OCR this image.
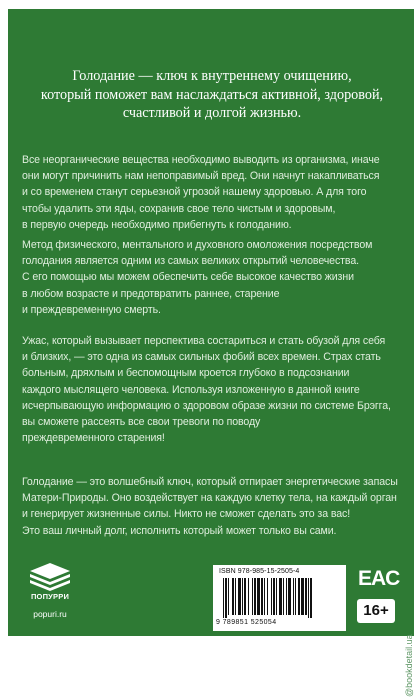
Голодание — ключ к внутреннему очищению,
который поможет вам наслаждаться активной, здоровой,
счастливой и долгой жизнью.

Все неорганические вещества необходимо выводить из организма, иначе
они могут причинить нам непоправимый вред. Они начнут накапливаться
и со временем станут серьезной угрозой нашему здоровью. А для того
чтобы удалить эти яды, сохранив свое тело чистым и здоровым,
в первую очередь необходимо прибегнуть к голоданию.

Метод физического, ментального и духовного омоложения посредством
голодания является одним из самых великих открытий человечества.
С его помощью мы можем обеспечить себе высокое качество жизни
в любом возрасте и предотвратить раннее, старение
и преждевременную смерть.

Ужас, который вызывает перспектива состариться и стать обузой для себя
и близких, — это одна из самых сильных фобий всех времен. Страх стать
больным, дряхлым и беспомощным кроется глубоко в подсознании
каждого мыслящего человека. Используя изложенную в данной книге
исчерпывающую информацию о здоровом образе жизни по системе Брэгга,
вы сможете рассеять все свои тревоги по поводу
преждевременного старения!

Голодание — это волшебный ключ, который отпирает энергетические запасы
Матери-Природы. Оно воздействует на каждую клетку тела, на каждый орган
и генерирует жизненные силы. Никто не сможет сделать это за вас!
Это ваш личный долг, исполнить который может только вы сами.

ПОПУРРИ
popuri.ru
ISBN 978-985-15-2505-4
9 789851 525054
EAC
16+
@bookdetail.ua
